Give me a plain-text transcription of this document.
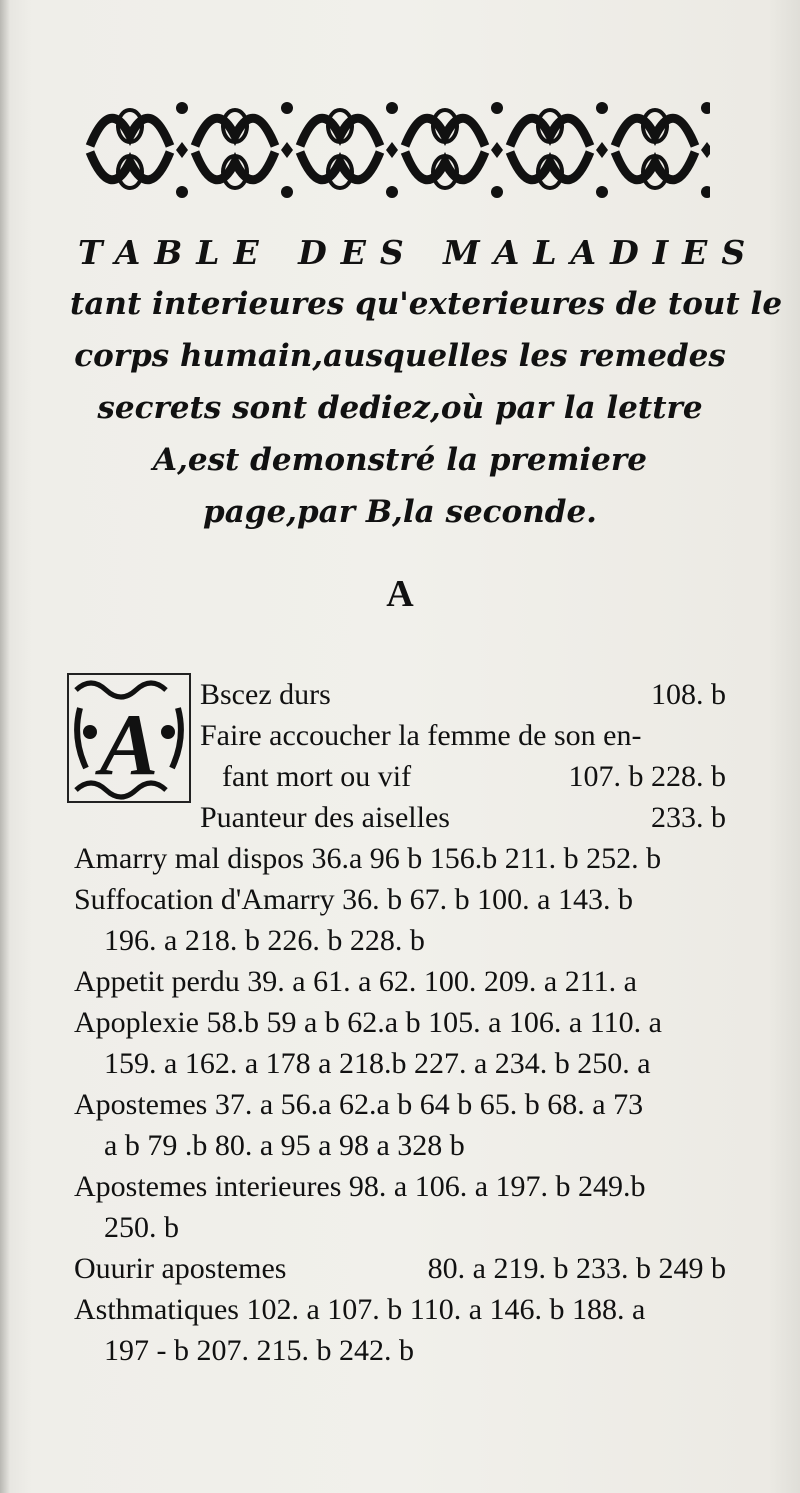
TABLE DES MALADIES
tant interieures qu'exterieures de tout le
corps humain,ausquelles les remedes
secrets sont dediez,où par la lettre
A,est demonstré la premiere
page,par B,la seconde.
A
A
Bscez durs	108. b
Faire accoucher la femme de son en-
fant mort ou vif	107. b 228. b
Puanteur des aiselles	233. b
Amarry mal dispos 36.a 96 b 156.b 211. b 252. b
Suffocation d'Amarry 36. b 67. b 100. a 143. b
196. a 218. b 226. b 228. b
Appetit perdu 39. a 61. a 62. 100. 209. a 211. a
Apoplexie 58.b 59 a b 62.a b 105. a 106. a 110. a
159. a 162. a 178 a 218.b 227. a 234. b 250. a
Apostemes 37. a 56.a 62.a b 64 b 65. b 68. a 73
a b 79 .b 80. a 95 a 98 a 328 b
Apostemes interieures 98. a 106. a 197. b 249.b
250. b
Ouurir apostemes	80. a 219. b 233. b 249 b
Asthmatiques 102. a 107. b 110. a 146. b 188. a
197 - b 207. 215. b 242. b
